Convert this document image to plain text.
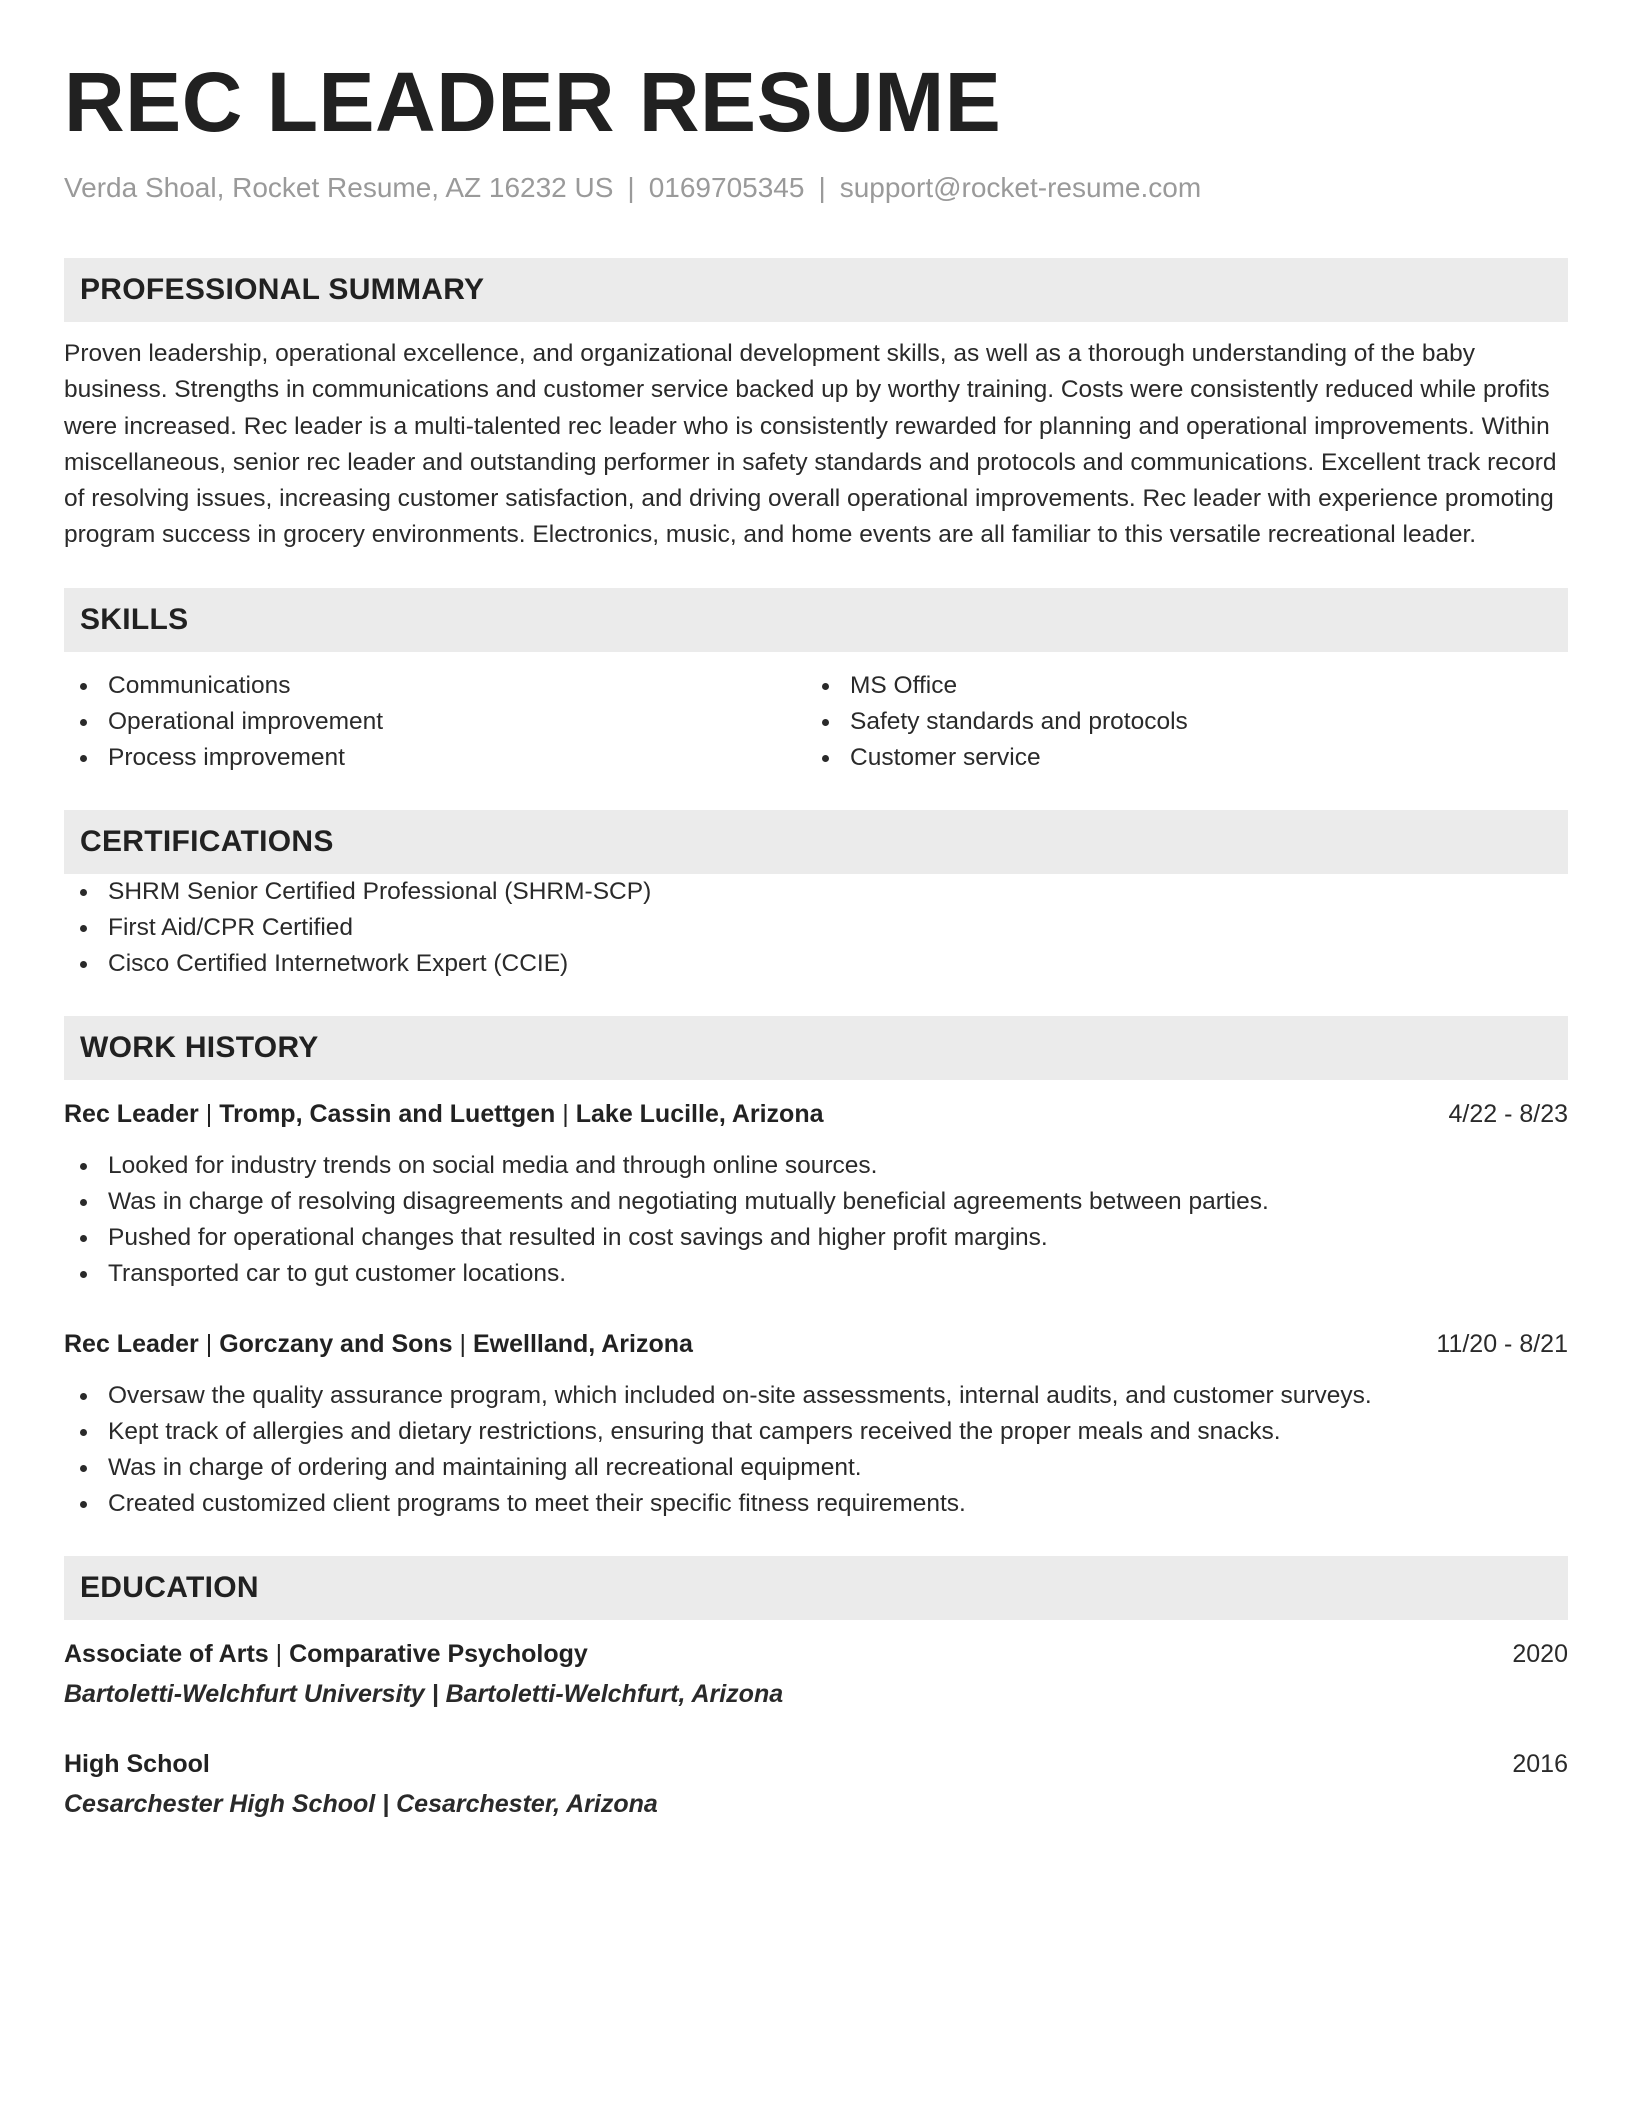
REC LEADER RESUME
Verda Shoal, Rocket Resume, AZ 16232 US | 0169705345 | support@rocket-resume.com
PROFESSIONAL SUMMARY
Proven leadership, operational excellence, and organizational development skills, as well as a thorough understanding of the baby business. Strengths in communications and customer service backed up by worthy training. Costs were consistently reduced while profits were increased. Rec leader is a multi-talented rec leader who is consistently rewarded for planning and operational improvements. Within miscellaneous, senior rec leader and outstanding performer in safety standards and protocols and communications. Excellent track record of resolving issues, increasing customer satisfaction, and driving overall operational improvements. Rec leader with experience promoting program success in grocery environments. Electronics, music, and home events are all familiar to this versatile recreational leader.
SKILLS
Communications
Operational improvement
Process improvement
MS Office
Safety standards and protocols
Customer service
CERTIFICATIONS
SHRM Senior Certified Professional (SHRM-SCP)
First Aid/CPR Certified
Cisco Certified Internetwork Expert (CCIE)
WORK HISTORY
Rec Leader | Tromp, Cassin and Luettgen | Lake Lucille, Arizona	4/22 - 8/23
Looked for industry trends on social media and through online sources.
Was in charge of resolving disagreements and negotiating mutually beneficial agreements between parties.
Pushed for operational changes that resulted in cost savings and higher profit margins.
Transported car to gut customer locations.
Rec Leader | Gorczany and Sons | Ewellland, Arizona	11/20 - 8/21
Oversaw the quality assurance program, which included on-site assessments, internal audits, and customer surveys.
Kept track of allergies and dietary restrictions, ensuring that campers received the proper meals and snacks.
Was in charge of ordering and maintaining all recreational equipment.
Created customized client programs to meet their specific fitness requirements.
EDUCATION
Associate of Arts | Comparative Psychology	2020
Bartoletti-Welchfurt University | Bartoletti-Welchfurt, Arizona
High School	2016
Cesarchester High School | Cesarchester, Arizona
